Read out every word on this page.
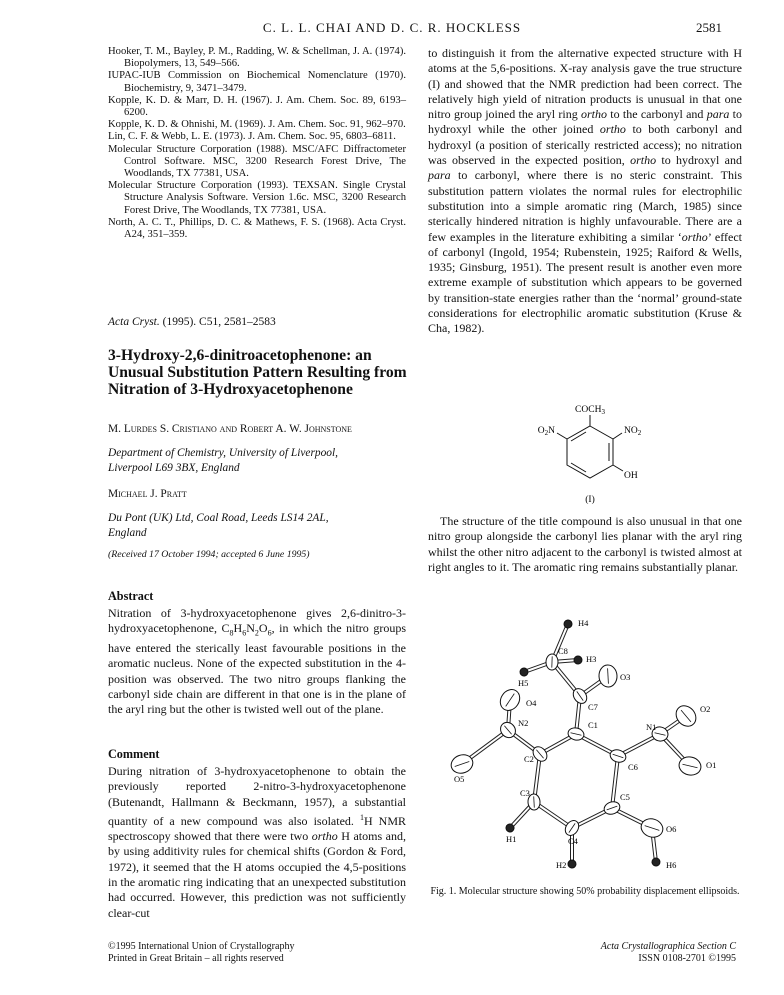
C. L. L. CHAI AND D. C. R. HOCKLESS	2581

Hooker, T. M., Bayley, P. M., Radding, W. & Schellman, J. A. (1974). Biopolymers, 13, 549–566.

IUPAC-IUB Commission on Biochemical Nomenclature (1970). Biochemistry, 9, 3471–3479.

Kopple, K. D. & Marr, D. H. (1967). J. Am. Chem. Soc. 89, 6193–6200.

Kopple, K. D. & Ohnishi, M. (1969). J. Am. Chem. Soc. 91, 962–970.

Lin, C. F. & Webb, L. E. (1973). J. Am. Chem. Soc. 95, 6803–6811.

Molecular Structure Corporation (1988). MSC/AFC Diffractometer Control Software. MSC, 3200 Research Forest Drive, The Woodlands, TX 77381, USA.

Molecular Structure Corporation (1993). TEXSAN. Single Crystal Structure Analysis Software. Version 1.6c. MSC, 3200 Research Forest Drive, The Woodlands, TX 77381, USA.

North, A. C. T., Phillips, D. C. & Mathews, F. S. (1968). Acta Cryst. A24, 351–359.

Acta Cryst. (1995). C51, 2581–2583
3-Hydroxy-2,6-dinitroacetophenone: an Unusual Substitution Pattern Resulting from Nitration of 3-Hydroxyacetophenone
M. Lurdes S. Cristiano and Robert A. W. Johnstone
Department of Chemistry, University of Liverpool,
Liverpool L69 3BX, England
Michael J. Pratt
Du Pont (UK) Ltd, Coal Road, Leeds LS14 2AL,
England
(Received 17 October 1994; accepted 6 June 1995)
Abstract

Nitration of 3-hydroxyacetophenone gives 2,6-dinitro-3-hydroxyacetophenone, $C_8H_6N_2O_6$, in which the nitro groups have entered the sterically least favourable positions in the aromatic nucleus. None of the expected substitution in the 4-position was observed. The two nitro groups flanking the carbonyl side chain are different in that one is in the plane of the aryl ring but the other is twisted well out of the plane.

Comment

During nitration of 3-hydroxyacetophenone to obtain the previously reported 2-nitro-3-hydroxyacetophenone (Butenandt, Hallmann & Beckmann, 1957), a substantial quantity of a new compound was also isolated. $^1$H NMR spectroscopy showed that there were two ortho H atoms and, by using additivity rules for chemical shifts (Gordon & Ford, 1972), it seemed that the H atoms occupied the 4,5-positions in the aromatic ring indicating that an unexpected substitution had occurred. However, this prediction was not sufficiently clear-cut

to distinguish it from the alternative expected structure with H atoms at the 5,6-positions. X-ray analysis gave the true structure (I) and showed that the NMR prediction had been correct. The relatively high yield of nitration products is unusual in that one nitro group joined the aryl ring ortho to the carbonyl and para to hydroxyl while the other joined ortho to both carbonyl and hydroxyl (a position of sterically restricted access); no nitration was observed in the expected position, ortho to hydroxyl and para to carbonyl, where there is no steric constraint. This substitution pattern violates the normal rules for electrophilic substitution into a simple aromatic ring (March, 1985) since sterically hindered nitration is highly unfavourable. There are a few examples in the literature exhibiting a similar ‘ortho’ effect of carbonyl (Ingold, 1954; Rubenstein, 1925; Raiford & Wells, 1935; Ginsburg, 1951). The present result is another even more extreme example of substitution which appears to be governed by transition-state energies rather than the ‘normal’ ground-state considerations for electrophilic aromatic substitution (Kruse & Cha, 1982).

$COCH_3$
$O_2N$	$NO_2$
OH
(I)

The structure of the title compound is also unusual in that one nitro group alongside the carbonyl lies planar with the aryl ring whilst the other nitro adjacent to the carbonyl is twisted almost at right angles to it. The aromatic ring remains substantially planar.

H4
C8
H3
H5
O3
C7	O2
O4
N2	C1	N1
O1
C6
O5
C2
C3	C5
O6
H1	C4
H2	H6
Fig. 1. Molecular structure showing 50% probability displacement ellipsoids.
©1995 International Union of Crystallography
Printed in Great Britain – all rights reserved
Acta Crystallographica Section C
ISSN 0108-2701 ©1995
